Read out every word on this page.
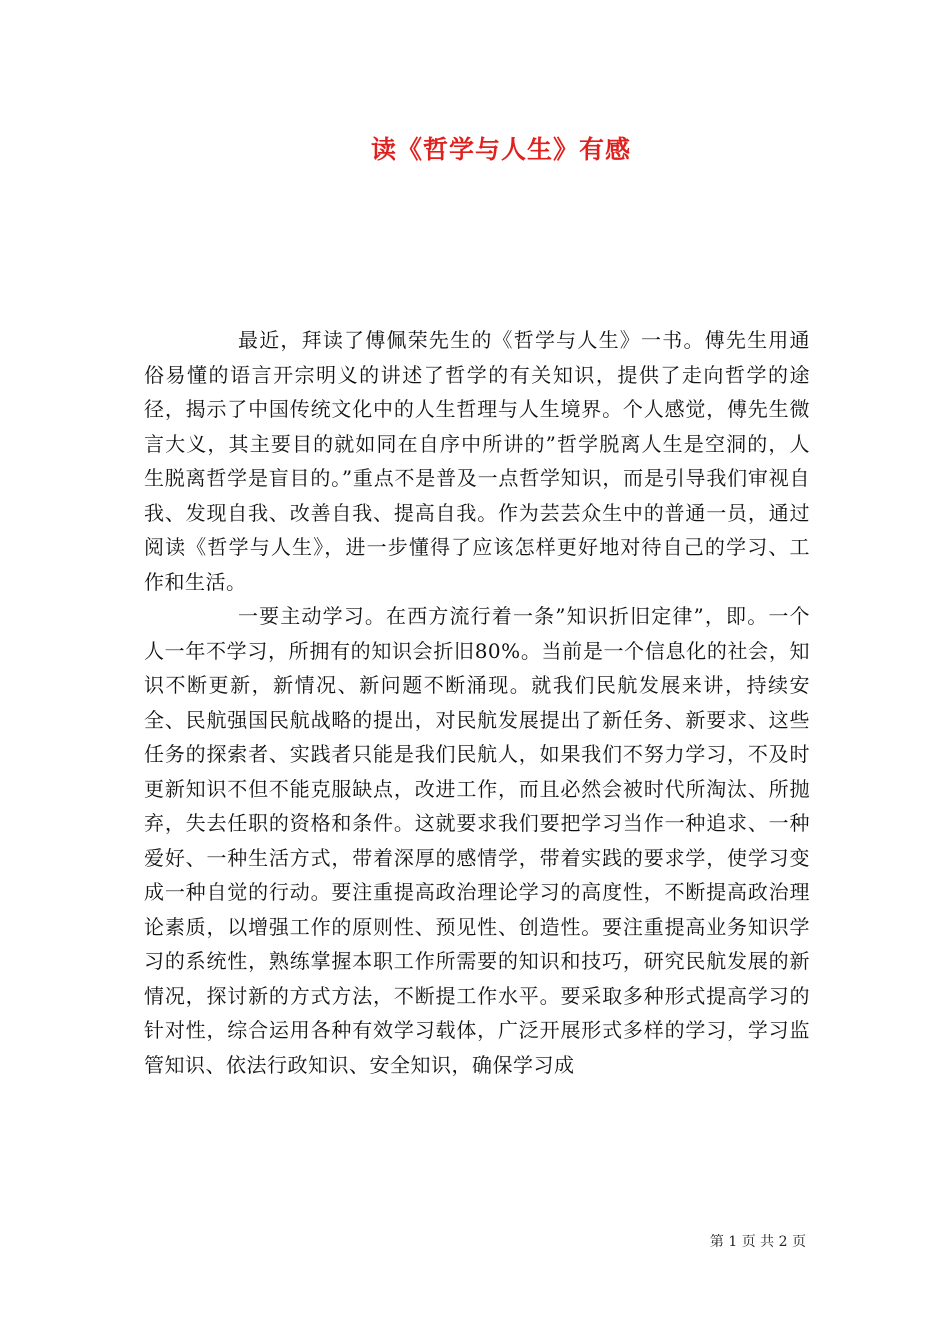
读《哲学与人生》有感

最近，拜读了傅佩荣先生的《哲学与人生》一书。傅先生用通俗易懂的语言开宗明义的讲述了哲学的有关知识，提供了走向哲学的途径，揭示了中国传统文化中的人生哲理与人生境界。个人感觉，傅先生微言大义，其主要目的就如同在自序中所讲的”哲学脱离人生是空洞的，人生脱离哲学是盲目的。”重点不是普及一点哲学知识，而是引导我们审视自我、发现自我、改善自我、提高自我。作为芸芸众生中的普通一员，通过阅读《哲学与人生》，进一步懂得了应该怎样更好地对待自己的学习、工作和生活。

一要主动学习。在西方流行着一条”知识折旧定律”，即。一个人一年不学习，所拥有的知识会折旧80%。当前是一个信息化的社会，知识不断更新，新情况、新问题不断涌现。就我们民航发展来讲，持续安全、民航强国民航战略的提出，对民航发展提出了新任务、新要求、这些任务的探索者、实践者只能是我们民航人，如果我们不努力学习，不及时更新知识不但不能克服缺点，改进工作，而且必然会被时代所淘汰、所抛弃，失去任职的资格和条件。这就要求我们要把学习当作一种追求、一种爱好、一种生活方式，带着深厚的感情学，带着实践的要求学，使学习变成一种自觉的行动。要注重提高政治理论学习的高度性，不断提高政治理论素质，以增强工作的原则性、预见性、创造性。要注重提高业务知识学习的系统性，熟练掌握本职工作所需要的知识和技巧，研究民航发展的新情况，探讨新的方式方法，不断提工作水平。要采取多种形式提高学习的针对性，综合运用各种有效学习载体，广泛开展形式多样的学习，学习监管知识、依法行政知识、安全知识，确保学习成

第 1 页 共 2 页
